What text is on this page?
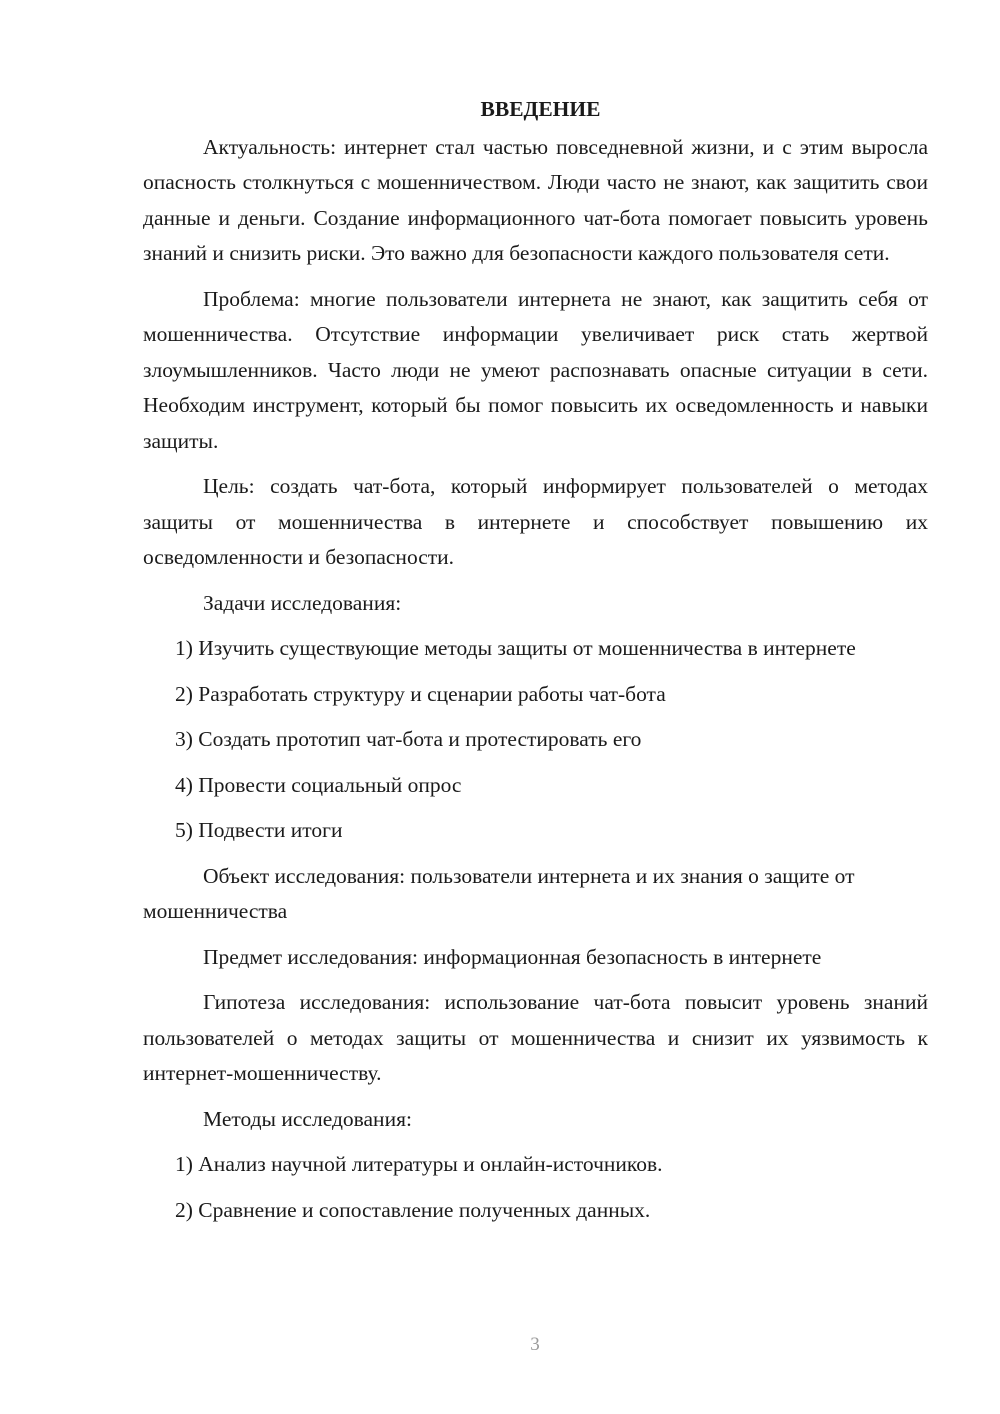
ВВЕДЕНИЕ

Актуальность: интернет стал частью повседневной жизни, и с этим выросла опасность столкнуться с мошенничеством. Люди часто не знают, как защитить свои данные и деньги. Создание информационного чат-бота помогает повысить уровень знаний и снизить риски. Это важно для безопасности каждого пользователя сети.

Проблема: многие пользователи интернета не знают, как защитить себя от мошенничества. Отсутствие информации увеличивает риск стать жертвой злоумышленников. Часто люди не умеют распознавать опасные ситуации в сети. Необходим инструмент, который бы помог повысить их осведомленность и навыки защиты.

Цель: создать чат-бота, который информирует пользователей о методах защиты от мошенничества в интернете и способствует повышению их осведомленности и безопасности.

Задачи исследования:

1) Изучить существующие методы защиты от мошенничества в интернете

2) Разработать структуру и сценарии работы чат-бота

3) Создать прототип чат-бота и протестировать его

4) Провести социальный опрос

5) Подвести итоги

Объект исследования: пользователи интернета и их знания о защите от мошенничества

Предмет исследования: информационная безопасность в интернете

Гипотеза исследования: использование чат-бота повысит уровень знаний пользователей о методах защиты от мошенничества и снизит их уязвимость к интернет-мошенничеству.

Методы исследования:

1) Анализ научной литературы и онлайн-источников.

2) Сравнение и сопоставление полученных данных.

3
